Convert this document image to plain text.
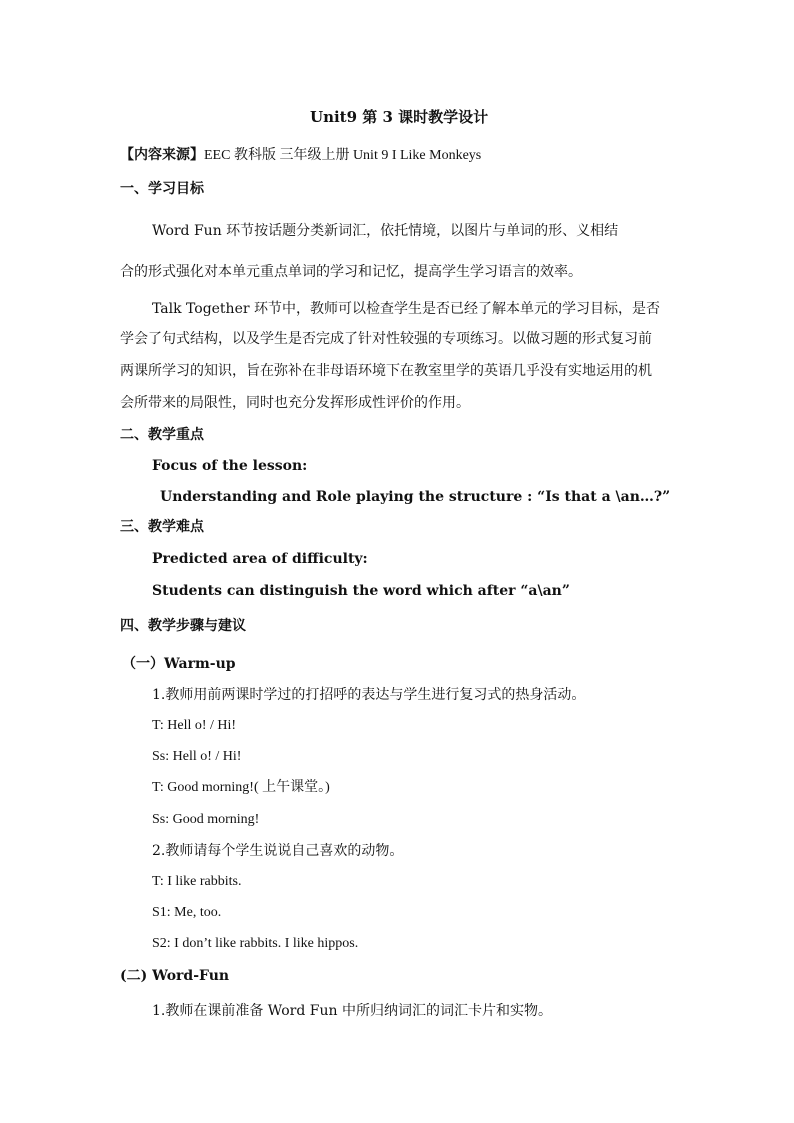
Unit9 第 3 课时教学设计
【内容来源】EEC 教科版 三年级上册 Unit 9 I Like Monkeys
一、学习目标
Word Fun 环节按话题分类新词汇，依托情境，以图片与单词的形、义相结
合的形式强化对本单元重点单词的学习和记忆，提高学生学习语言的效率。
Talk Together 环节中，教师可以检查学生是否已经了解本单元的学习目标，是否
学会了句式结构，以及学生是否完成了针对性较强的专项练习。以做习题的形式复习前
两课所学习的知识，旨在弥补在非母语环境下在教室里学的英语几乎没有实地运用的机
会所带来的局限性，同时也充分发挥形成性评价的作用。
二、教学重点
Focus of the lesson:
Understanding and Role playing the structure : “Is that a \an…?”
三、教学难点
Predicted area of difficulty:
Students can distinguish the word which after “a\an”
四、教学步骤与建议
（一）Warm-up
1.教师用前两课时学过的打招呼的表达与学生进行复习式的热身活动。
T: Hell o! / Hi!
Ss: Hell o! / Hi!
T: Good morning!( 上午课堂。)
Ss: Good morning!
2.教师请每个学生说说自己喜欢的动物。
T: I like rabbits.
S1: Me, too.
S2: I don’t like rabbits. I like hippos.
(二) Word-Fun
1.教师在课前准备 Word Fun 中所归纳词汇的词汇卡片和实物。
